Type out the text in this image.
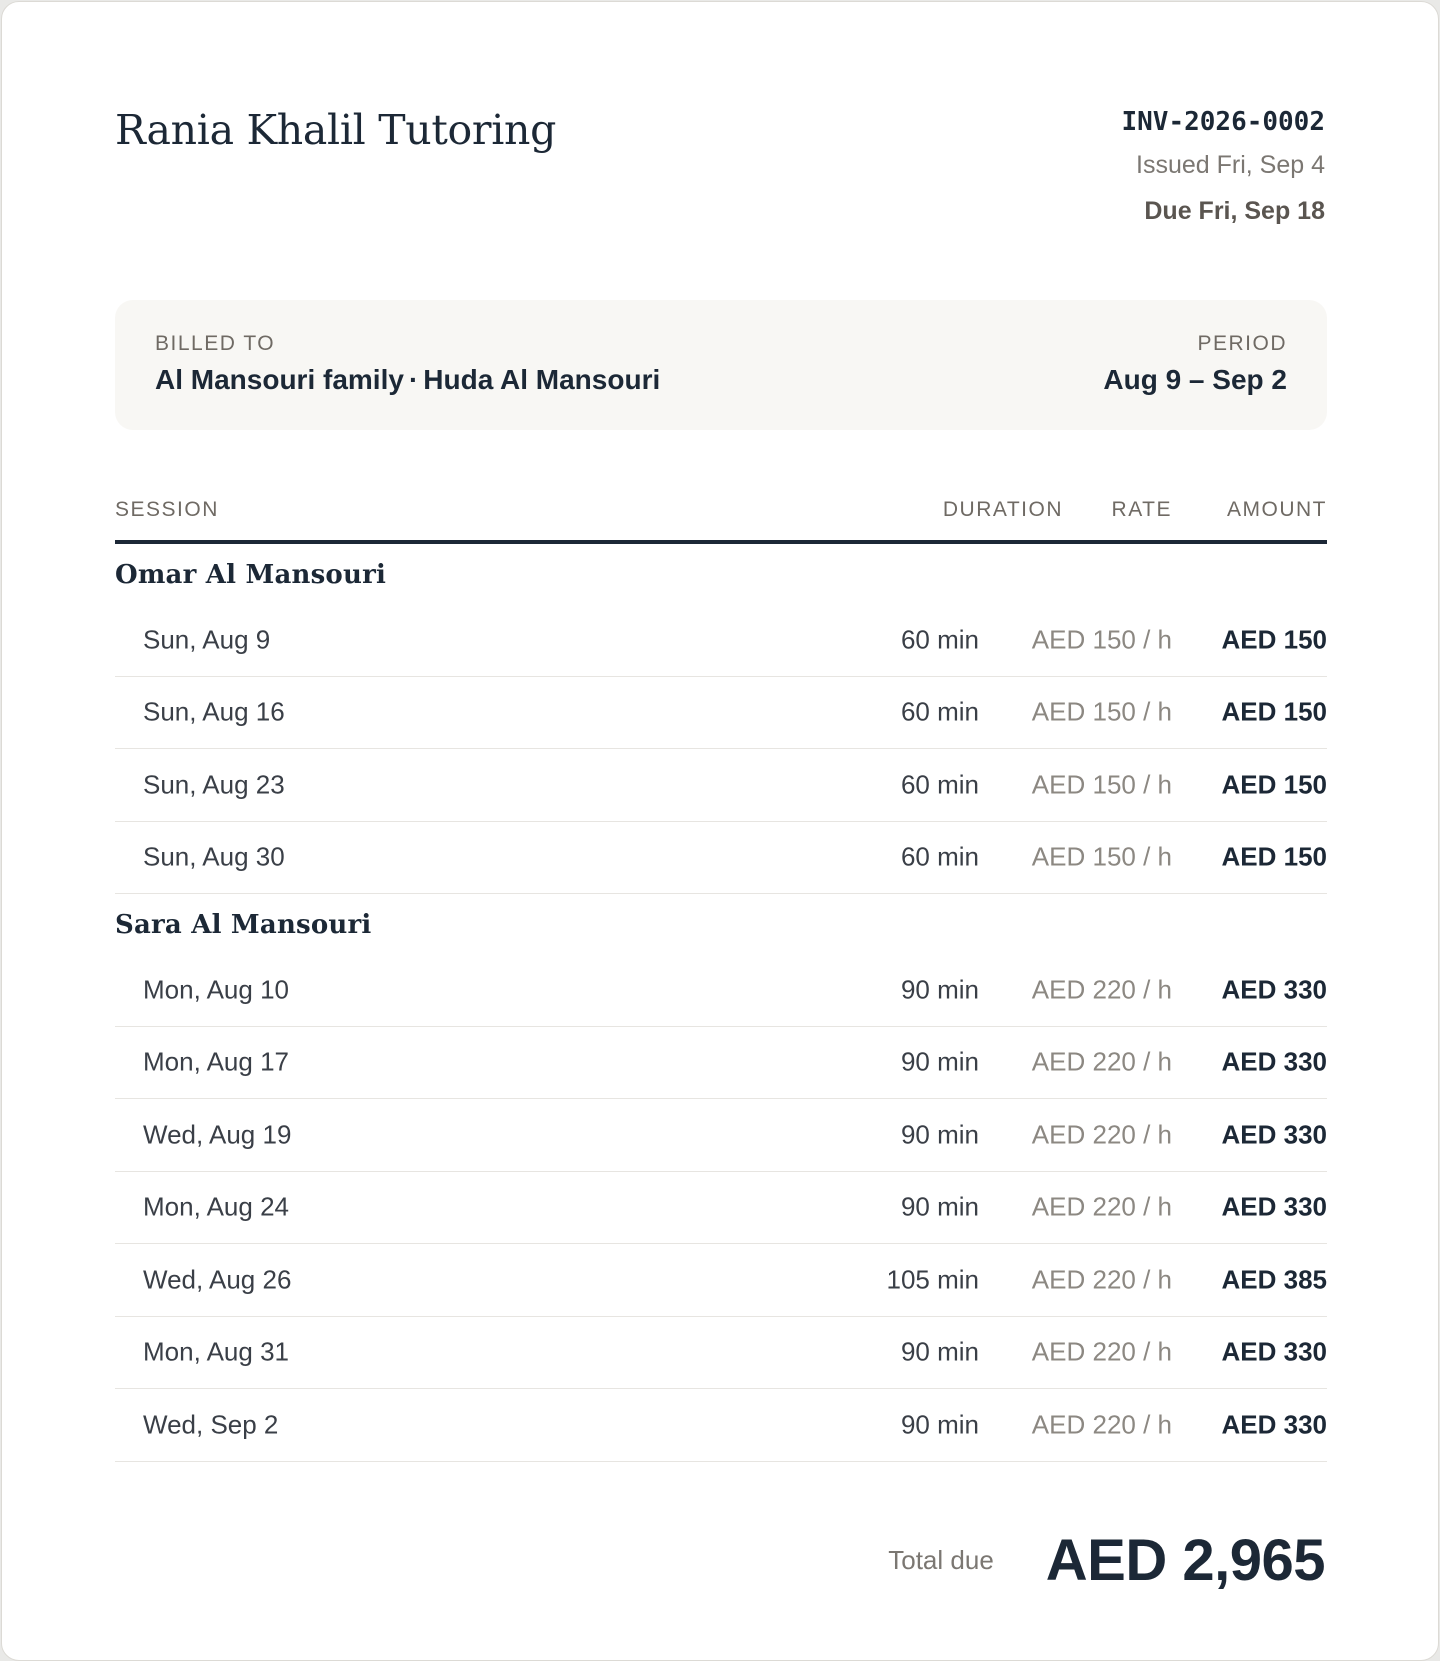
Rania Khalil Tutoring	INV-2026-0002
Issued Fri, Sep 4
Due Fri, Sep 18
BILLED TO
Al Mansouri family · Huda Al Mansouri
PERIOD
Aug 9 – Sep 2
SESSION	DURATION RATE	AMOUNT
Omar Al Mansouri
Sun, Aug 9	60 min AED 150 / h AED 150
Sun, Aug 16	60 min AED 150 / h AED 150
Sun, Aug 23	60 min AED 150 / h AED 150
Sun, Aug 30	60 min AED 150 / h AED 150
Sara Al Mansouri
Mon, Aug 10	90 min AED 220 / h AED 330
Mon, Aug 17	90 min AED 220 / h AED 330
Wed, Aug 19	90 min AED 220 / h AED 330
Mon, Aug 24	90 min AED 220 / h AED 330
Wed, Aug 26	105 min AED 220 / h AED 385
Mon, Aug 31	90 min AED 220 / h AED 330
Wed, Sep 2	90 min AED 220 / h AED 330
Total due AED 2,965
